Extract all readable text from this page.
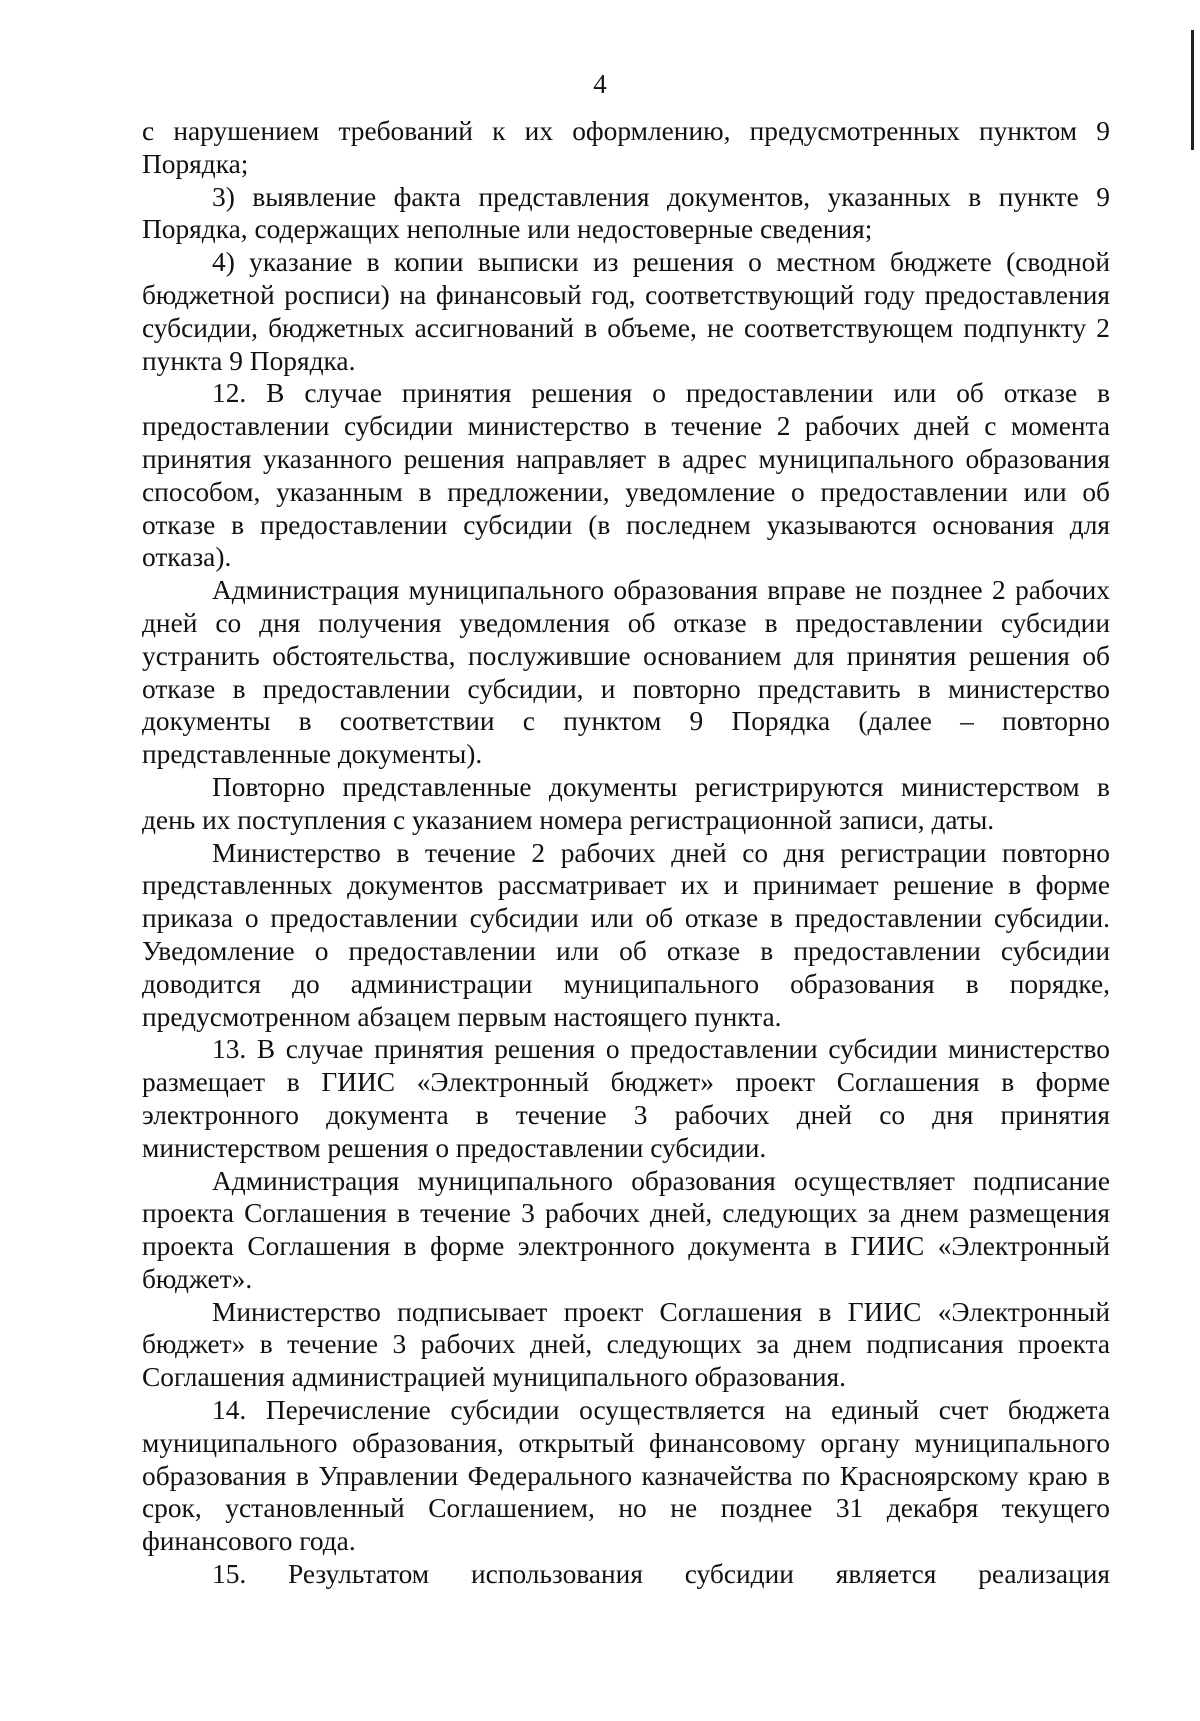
4

с нарушением требований к их оформлению, предусмотренных пунктом 9 Порядка;

3) выявление факта представления документов, указанных в пункте 9 Порядка, содержащих неполные или недостоверные сведения;

4) указание в копии выписки из решения о местном бюджете (сводной бюджетной росписи) на финансовый год, соответствующий году предоставления субсидии, бюджетных ассигнований в объеме, не соответствующем подпункту 2 пункта 9 Порядка.

12. В случае принятия решения о предоставлении или об отказе в предоставлении субсидии министерство в течение 2 рабочих дней с момента принятия указанного решения направляет в адрес муниципального образования способом, указанным в предложении, уведомление о предоставлении или об отказе в предоставлении субсидии (в последнем указываются основания для отказа).

Администрация муниципального образования вправе не позднее 2 рабочих дней со дня получения уведомления об отказе в предоставлении субсидии устранить обстоятельства, послужившие основанием для принятия решения об отказе в предоставлении субсидии, и повторно представить в министерство документы в соответствии с пунктом 9 Порядка (далее – повторно представленные документы).

Повторно представленные документы регистрируются министерством в день их поступления с указанием номера регистрационной записи, даты.

Министерство в течение 2 рабочих дней со дня регистрации повторно представленных документов рассматривает их и принимает решение в форме приказа о предоставлении субсидии или об отказе в предоставлении субсидии. Уведомление о предоставлении или об отказе в предоставлении субсидии доводится до администрации муниципального образования в порядке, предусмотренном абзацем первым настоящего пункта.

13. В случае принятия решения о предоставлении субсидии министерство размещает в ГИИС «Электронный бюджет» проект Соглашения в форме электронного документа в течение 3 рабочих дней со дня принятия министерством решения о предоставлении субсидии.

Администрация муниципального образования осуществляет подписание проекта Соглашения в течение 3 рабочих дней, следующих за днем размещения проекта Соглашения в форме электронного документа в ГИИС «Электронный бюджет».

Министерство подписывает проект Соглашения в ГИИС «Электронный бюджет» в течение 3 рабочих дней, следующих за днем подписания проекта Соглашения администрацией муниципального образования.

14. Перечисление субсидии осуществляется на единый счет бюджета муниципального образования, открытый финансовому органу муниципального образования в Управлении Федерального казначейства по Красноярскому краю в срок, установленный Соглашением, но не позднее 31 декабря текущего финансового года.

15. Результатом использования субсидии является реализация
